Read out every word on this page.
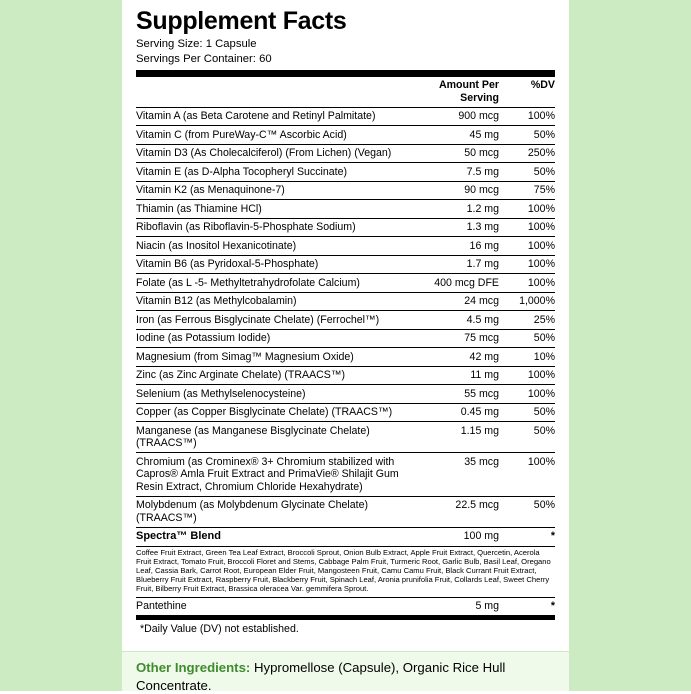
Supplement Facts
Serving Size: 1 Capsule
Servings Per Container: 60
	Amount Per Serving	%DV
Vitamin A (as Beta Carotene and Retinyl Palmitate)	900 mcg	100%
Vitamin C (from PureWay-C™ Ascorbic Acid)	45 mg	50%
Vitamin D3 (As Cholecalciferol) (From Lichen) (Vegan)	50 mcg	250%
Vitamin E (as D-Alpha Tocopheryl Succinate)	7.5 mg	50%
Vitamin K2 (as Menaquinone-7)	90 mcg	75%
Thiamin (as Thiamine HCl)	1.2 mg	100%
Riboflavin (as Riboflavin-5-Phosphate Sodium)	1.3 mg	100%
Niacin (as Inositol Hexanicotinate)	16 mg	100%
Vitamin B6 (as Pyridoxal-5-Phosphate)	1.7 mg	100%
Folate (as L -5- Methyltetrahydrofolate Calcium)	400 mcg DFE	100%
Vitamin B12 (as Methylcobalamin)	24 mcg	1,000%
Iron (as Ferrous Bisglycinate Chelate) (Ferrochel™)	4.5 mg	25%
Iodine (as Potassium Iodide)	75 mcg	50%
Magnesium (from Simag™ Magnesium Oxide)	42 mg	10%
Zinc (as Zinc Arginate Chelate) (TRAACS™)	11 mg	100%
Selenium (as Methylselenocysteine)	55 mcg	100%
Copper (as Copper Bisglycinate Chelate) (TRAACS™)	0.45 mg	50%
Manganese (as Manganese Bisglycinate Chelate) (TRAACS™)	1.15 mg	50%
Chromium (as Crominex® 3+ Chromium stabilized with Capros® Amla Fruit Extract and PrimaVie® Shilajit Gum Resin Extract, Chromium Chloride Hexahydrate)	35 mcg	100%
Molybdenum (as Molybdenum Glycinate Chelate) (TRAACS™)	22.5 mcg	50%
Spectra™ Blend	100 mg	*
Coffee Fruit Extract, Green Tea Leaf Extract, Broccoli Sprout, Onion Bulb Extract, Apple Fruit Extract, Quercetin, Acerola Fruit Extract, Tomato Fruit, Broccoli Floret and Stems, Cabbage Palm Fruit, Turmeric Root, Garlic Bulb, Basil Leaf, Oregano Leaf, Cassia Bark, Carrot Root, European Elder Fruit, Mangosteen Fruit, Camu Camu Fruit, Black Currant Fruit Extract, Blueberry Fruit Extract, Raspberry Fruit, Blackberry Fruit, Spinach Leaf, Aronia prunifolia Fruit, Collards Leaf, Sweet Cherry Fruit, Bilberry Fruit Extract, Brassica oleracea Var. gemmifera Sprout.		
Pantethine	5 mg	*
*Daily Value (DV) not established.
Other Ingredients: Hypromellose (Capsule), Organic Rice Hull Concentrate.
